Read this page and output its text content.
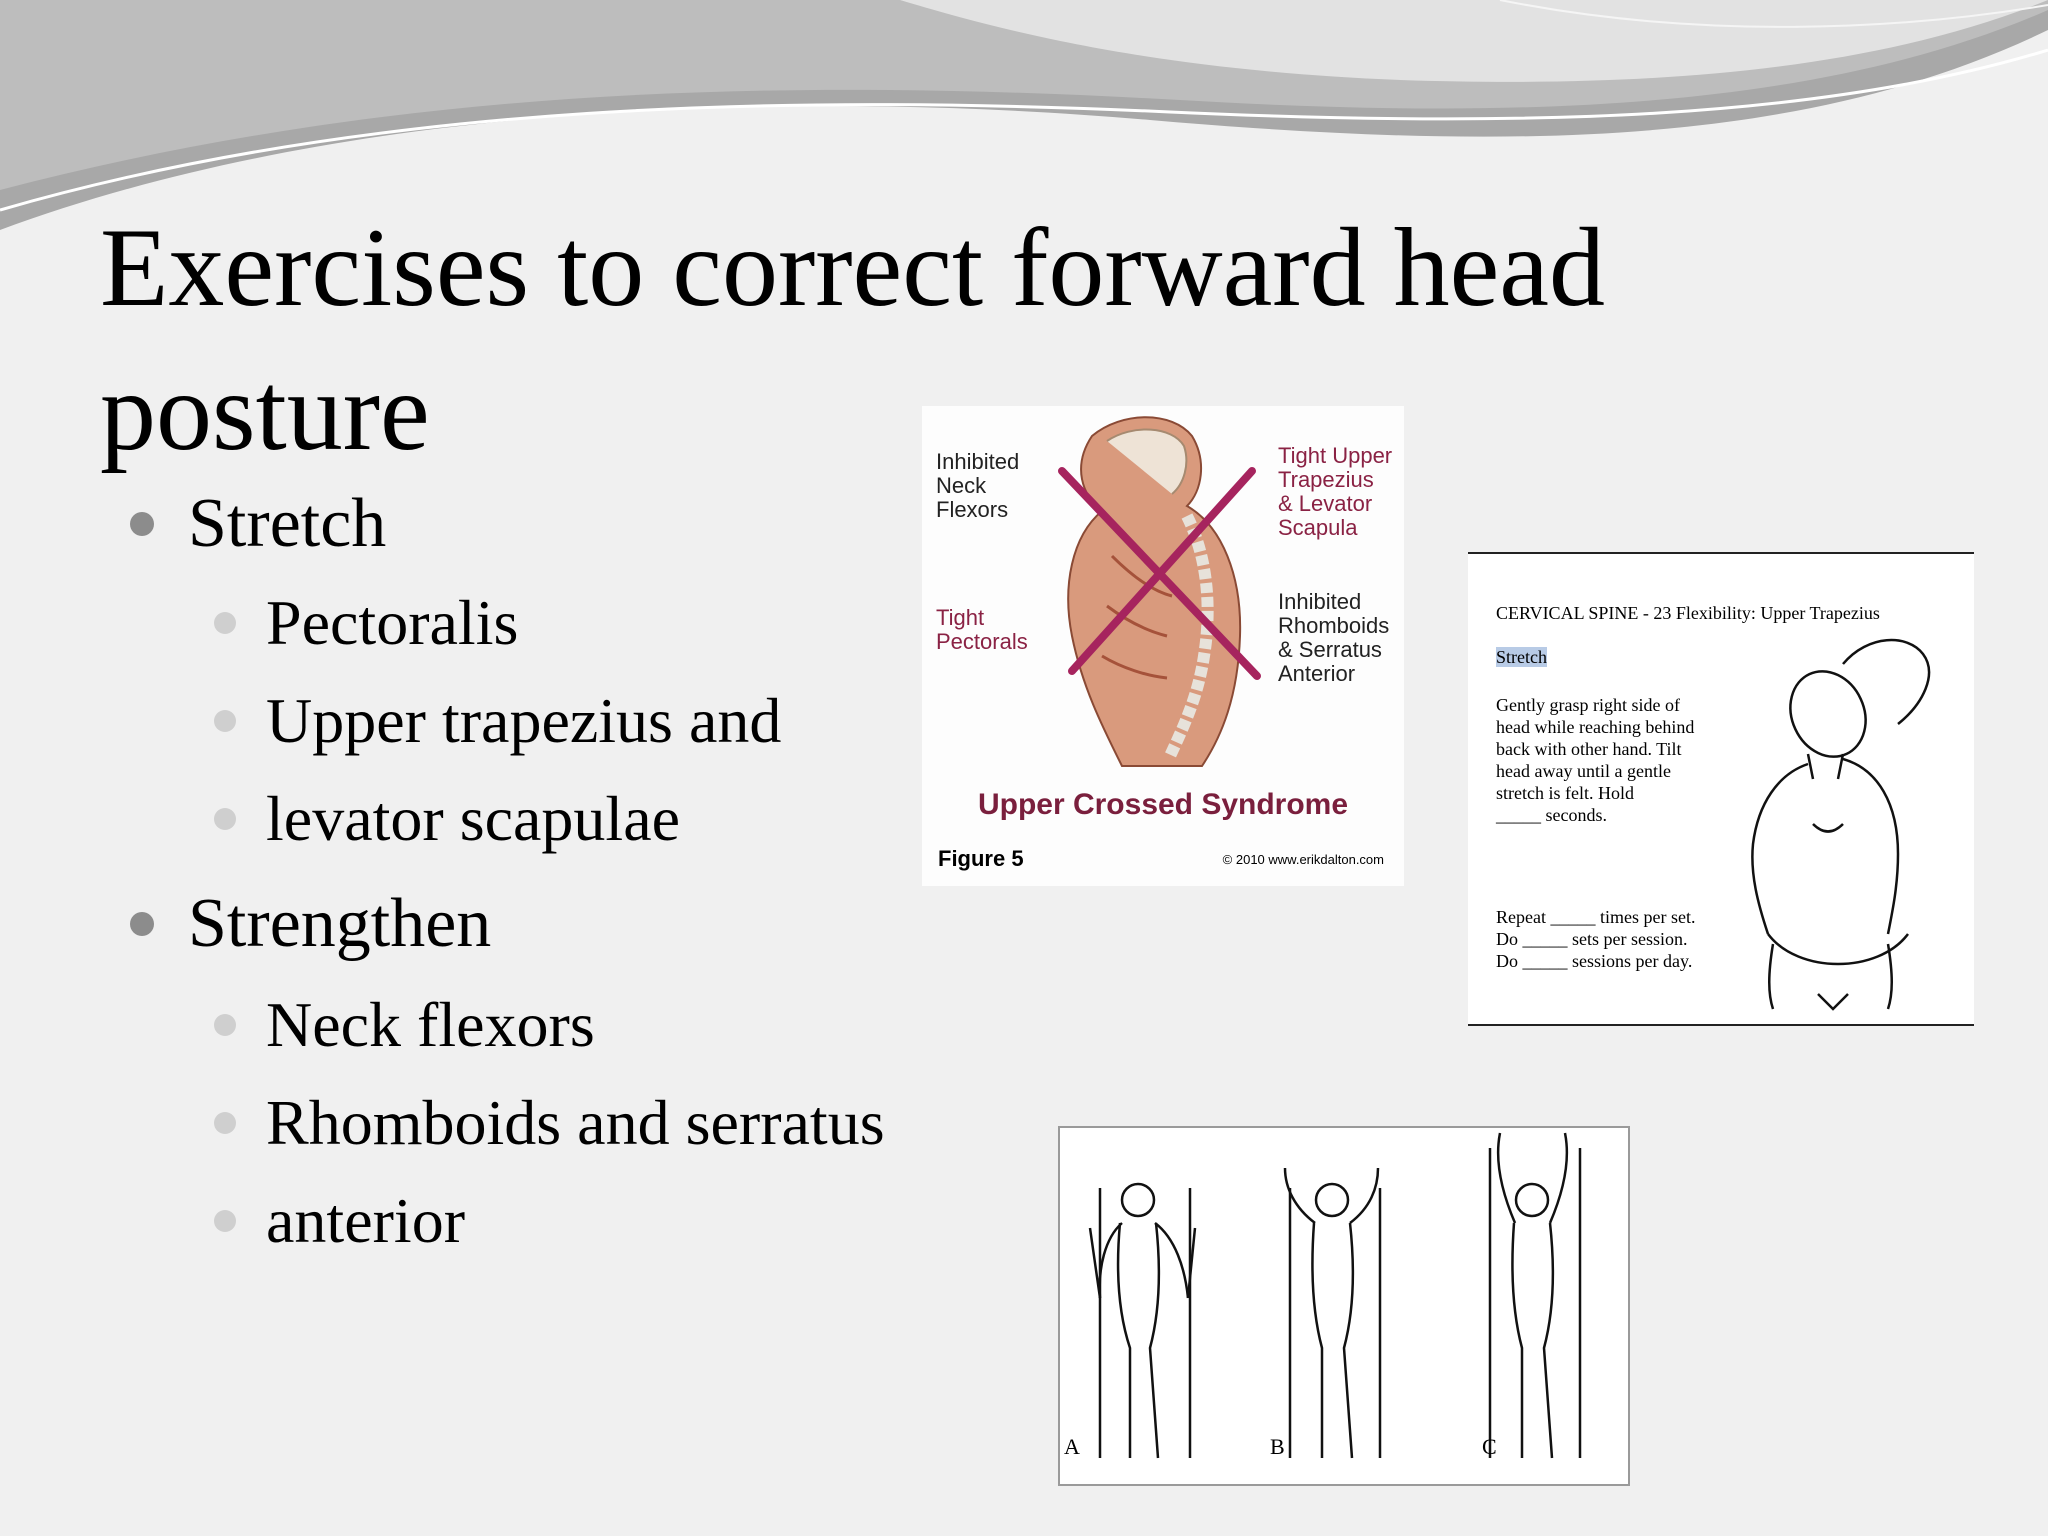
Exercises to correct forward head posture
Stretch
Pectoralis
Upper trapezius and
levator scapulae
Strengthen
Neck flexors
Rhomboids and serratus
anterior
Inhibited
Neck
Flexors
Tight Upper
Trapezius
& Levator
Scapula
Tight
Pectorals
Inhibited
Rhomboids
& Serratus
Anterior
Upper Crossed Syndrome
Figure 5	© 2010 www.erikdalton.com

CERVICAL SPINE - 23 Flexibility: Upper Trapezius

Stretch

Gently grasp right side of
head while reaching behind
back with other hand. Tilt
head away until a gentle
stretch is felt. Hold
_____ seconds.
Repeat _____ times per set.
Do _____ sets per session.
Do _____ sessions per day.
A	B	C
